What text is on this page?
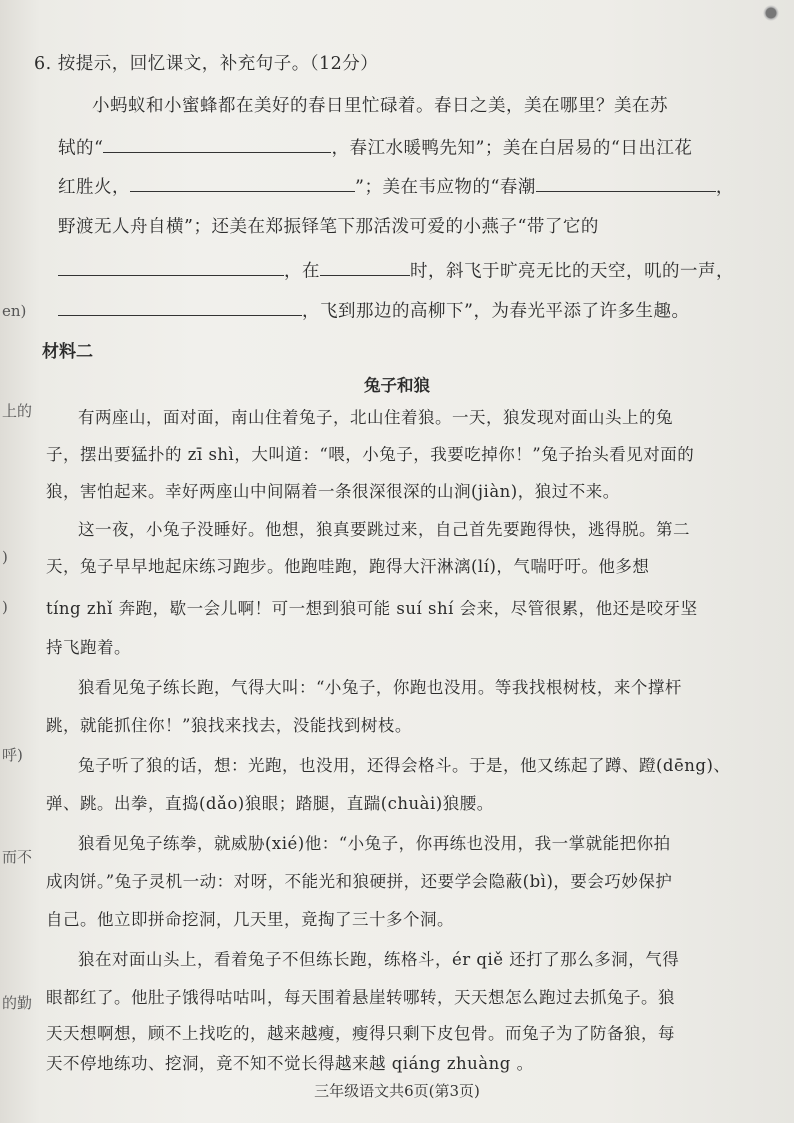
en)
上的
)
)
呼)
而不
的勤
6. 按提示，回忆课文，补充句子。（12分）
小蚂蚁和小蜜蜂都在美好的春日里忙碌着。春日之美，美在哪里？美在苏
轼的“	，春江水暖鸭先知”；美在白居易的“日出江花
红胜火，	”；美在韦应物的“春潮	，
野渡无人舟自横”；还美在郑振铎笔下那活泼可爱的小燕子“带了它的
，在	时，斜飞于旷亮无比的天空，叽的一声，
，飞到那边的高柳下”，为春光平添了许多生趣。
材料二
兔子和狼
有两座山，面对面，南山住着兔子，北山住着狼。一天，狼发现对面山头上的兔
子，摆出要猛扑的 zī shì，大叫道：“喂，小兔子，我要吃掉你！”兔子抬头看见对面的
狼，害怕起来。幸好两座山中间隔着一条很深很深的山涧(jiàn)，狼过不来。
这一夜，小兔子没睡好。他想，狼真要跳过来，自己首先要跑得快，逃得脱。第二
天，兔子早早地起床练习跑步。他跑哇跑，跑得大汗淋漓(lí)，气喘吁吁。他多想
tíng zhǐ 奔跑，歇一会儿啊！可一想到狼可能 suí shí 会来，尽管很累，他还是咬牙坚
持飞跑着。
狼看见兔子练长跑，气得大叫：“小兔子，你跑也没用。等我找根树枝，来个撑杆
跳，就能抓住你！”狼找来找去，没能找到树枝。
兔子听了狼的话，想：光跑，也没用，还得会格斗。于是，他又练起了蹲、蹬(dēng)、
弹、跳。出拳，直捣(dǎo)狼眼；踏腿，直踹(chuài)狼腰。
狼看见兔子练拳，就威胁(xié)他：“小兔子，你再练也没用，我一掌就能把你拍
成肉饼。”兔子灵机一动：对呀，不能光和狼硬拼，还要学会隐蔽(bì)，要会巧妙保护
自己。他立即拼命挖洞，几天里，竟掏了三十多个洞。
狼在对面山头上，看着兔子不但练长跑，练格斗，ér qiě 还打了那么多洞，气得
眼都红了。他肚子饿得咕咕叫，每天围着悬崖转哪转，天天想怎么跑过去抓兔子。狼
天天想啊想，顾不上找吃的，越来越瘦，瘦得只剩下皮包骨。而兔子为了防备狼，每
天不停地练功、挖洞，竟不知不觉长得越来越 qiáng zhuàng 。
三年级语文共6页(第3页)
